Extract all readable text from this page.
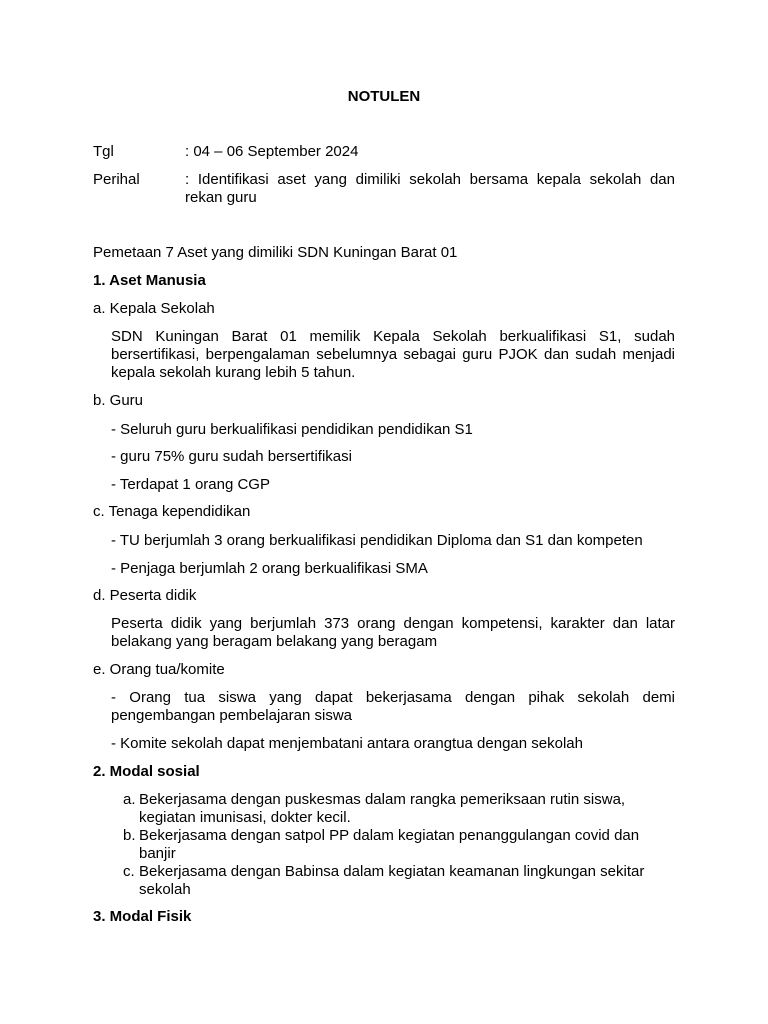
NOTULEN
Tgl	: 04 – 06 September 2024
Perihal	: Identifikasi aset yang dimiliki sekolah bersama kepala sekolah dan rekan guru
Pemetaan 7 Aset yang dimiliki SDN Kuningan Barat 01
1. Aset Manusia
a. Kepala Sekolah
SDN Kuningan Barat 01 memilik Kepala Sekolah berkualifikasi S1, sudah bersertifikasi, berpengalaman sebelumnya sebagai guru PJOK dan sudah menjadi kepala sekolah kurang lebih 5 tahun.
b. Guru
- Seluruh guru berkualifikasi pendidikan pendidikan S1
- guru 75% guru sudah bersertifikasi
- Terdapat 1 orang CGP
c. Tenaga kependidikan
- TU berjumlah 3 orang berkualifikasi pendidikan Diploma dan S1 dan kompeten
- Penjaga berjumlah 2 orang berkualifikasi SMA
d. Peserta didik
Peserta didik yang berjumlah 373 orang dengan kompetensi, karakter dan latar belakang yang beragam belakang yang beragam
e. Orang tua/komite
- Orang tua siswa yang dapat bekerjasama dengan pihak sekolah demi pengembangan pembelajaran siswa
- Komite sekolah dapat menjembatani antara orangtua dengan sekolah
2. Modal sosial
a. Bekerjasama dengan puskesmas dalam rangka pemeriksaan rutin siswa, kegiatan imunisasi, dokter kecil.
b. Bekerjasama dengan satpol PP dalam kegiatan penanggulangan covid dan banjir
c. Bekerjasama dengan Babinsa dalam kegiatan keamanan lingkungan sekitar sekolah
3. Modal Fisik
